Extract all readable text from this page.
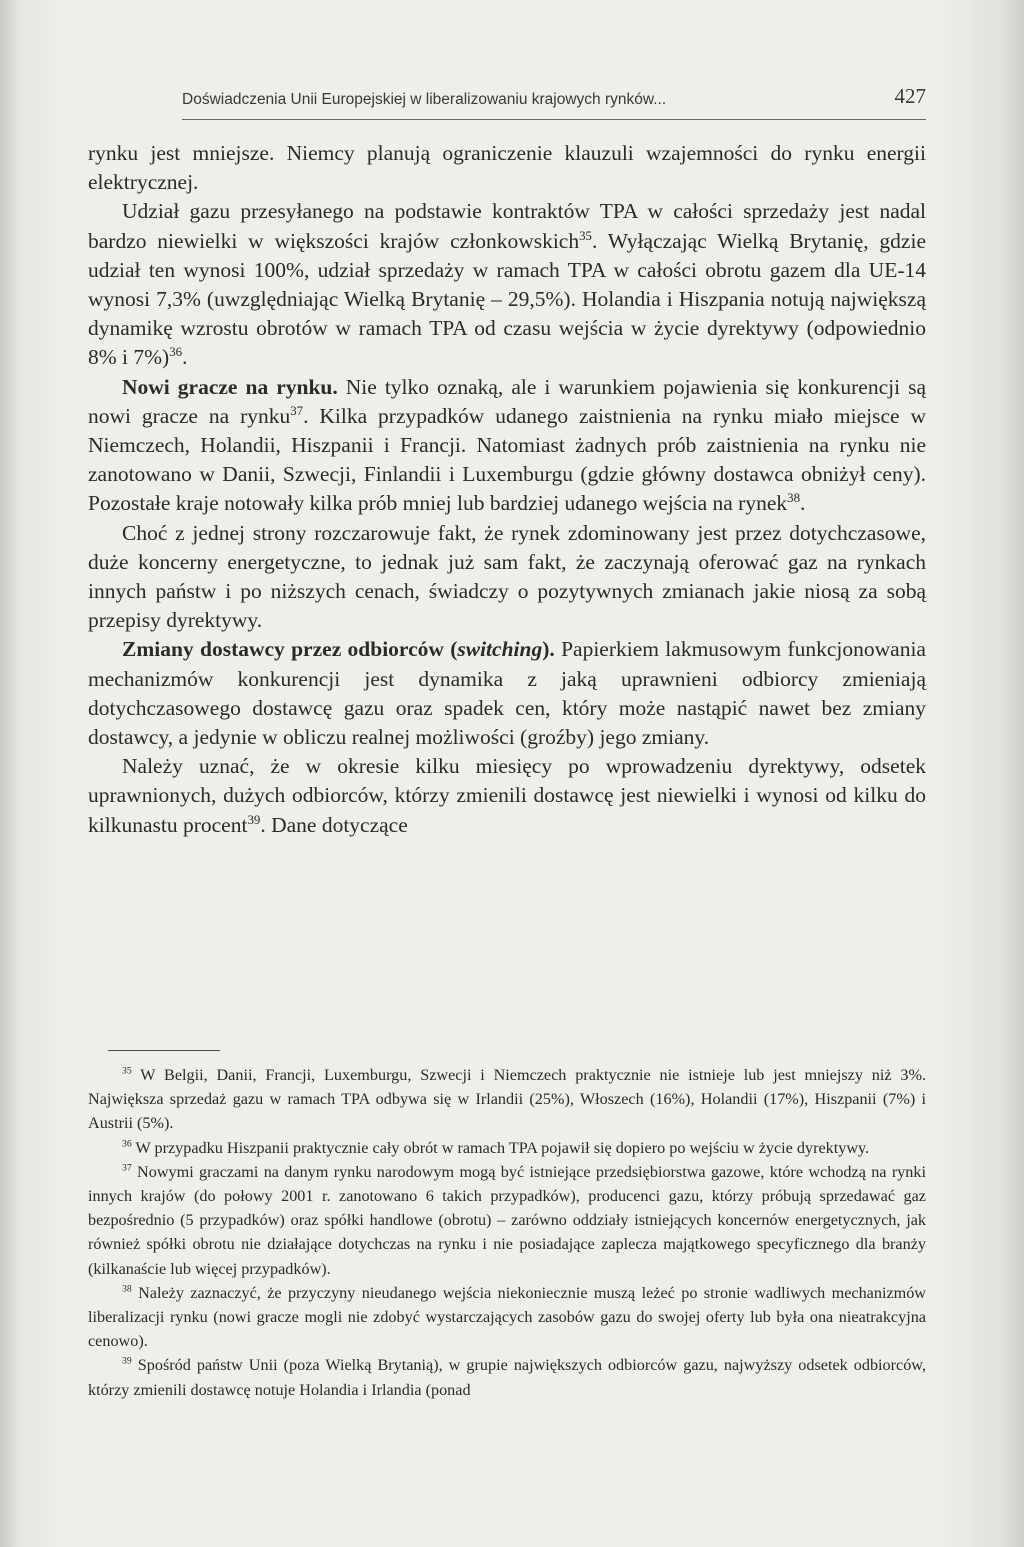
Doświadczenia Unii Europejskiej w liberalizowaniu krajowych rynków...	427

rynku jest mniejsze. Niemcy planują ograniczenie klauzuli wzajemności do rynku energii elektrycznej.

Udział gazu przesyłanego na podstawie kontraktów TPA w całości sprzedaży jest nadal bardzo niewielki w większości krajów członkowskich$^{35}$. Wyłączając Wielką Brytanię, gdzie udział ten wynosi 100%, udział sprzedaży w ramach TPA w całości obrotu gazem dla UE-14 wynosi 7,3% (uwzględniając Wielką Brytanię – 29,5%). Holandia i Hiszpania notują największą dynamikę wzrostu obrotów w ramach TPA od czasu wejścia w życie dyrektywy (odpowiednio 8% i 7%)$^{36}$.

Nowi gracze na rynku. Nie tylko oznaką, ale i warunkiem pojawienia się konkurencji są nowi gracze na rynku$^{37}$. Kilka przypadków udanego zaistnienia na rynku miało miejsce w Niemczech, Holandii, Hiszpanii i Francji. Natomiast żadnych prób zaistnienia na rynku nie zanotowano w Danii, Szwecji, Finlandii i Luxemburgu (gdzie główny dostawca obniżył ceny). Pozostałe kraje notowały kilka prób mniej lub bardziej udanego wejścia na rynek$^{38}$.

Choć z jednej strony rozczarowuje fakt, że rynek zdominowany jest przez dotychczasowe, duże koncerny energetyczne, to jednak już sam fakt, że zaczynają oferować gaz na rynkach innych państw i po niższych cenach, świadczy o pozytywnych zmianach jakie niosą za sobą przepisy dyrektywy.

Zmiany dostawcy przez odbiorców (switching). Papierkiem lakmusowym funkcjonowania mechanizmów konkurencji jest dynamika z jaką uprawnieni odbiorcy zmieniają dotychczasowego dostawcę gazu oraz spadek cen, który może nastąpić nawet bez zmiany dostawcy, a jedynie w obliczu realnej możliwości (groźby) jego zmiany.

Należy uznać, że w okresie kilku miesięcy po wprowadzeniu dyrektywy, odsetek uprawnionych, dużych odbiorców, którzy zmienili dostawcę jest niewielki i wynosi od kilku do kilkunastu procent$^{39}$. Dane dotyczące

$^{35}$ W Belgii, Danii, Francji, Luxemburgu, Szwecji i Niemczech praktycznie nie istnieje lub jest mniejszy niż 3%. Największa sprzedaż gazu w ramach TPA odbywa się w Irlandii (25%), Włoszech (16%), Holandii (17%), Hiszpanii (7%) i Austrii (5%).

$^{36}$ W przypadku Hiszpanii praktycznie cały obrót w ramach TPA pojawił się dopiero po wejściu w życie dyrektywy.

$^{37}$ Nowymi graczami na danym rynku narodowym mogą być istniejące przedsiębiorstwa gazowe, które wchodzą na rynki innych krajów (do połowy 2001 r. zanotowano 6 takich przypadków), producenci gazu, którzy próbują sprzedawać gaz bezpośrednio (5 przypadków) oraz spółki handlowe (obrotu) – zarówno oddziały istniejących koncernów energetycznych, jak również spółki obrotu nie działające dotychczas na rynku i nie posiadające zaplecza majątkowego specyficznego dla branży (kilkanaście lub więcej przypadków).

$^{38}$ Należy zaznaczyć, że przyczyny nieudanego wejścia niekoniecznie muszą leżeć po stronie wadliwych mechanizmów liberalizacji rynku (nowi gracze mogli nie zdobyć wystarczających zasobów gazu do swojej oferty lub była ona nieatrakcyjna cenowo).

$^{39}$ Spośród państw Unii (poza Wielką Brytanią), w grupie największych odbiorców gazu, najwyższy odsetek odbiorców, którzy zmienili dostawcę notuje Holandia i Irlandia (ponad
